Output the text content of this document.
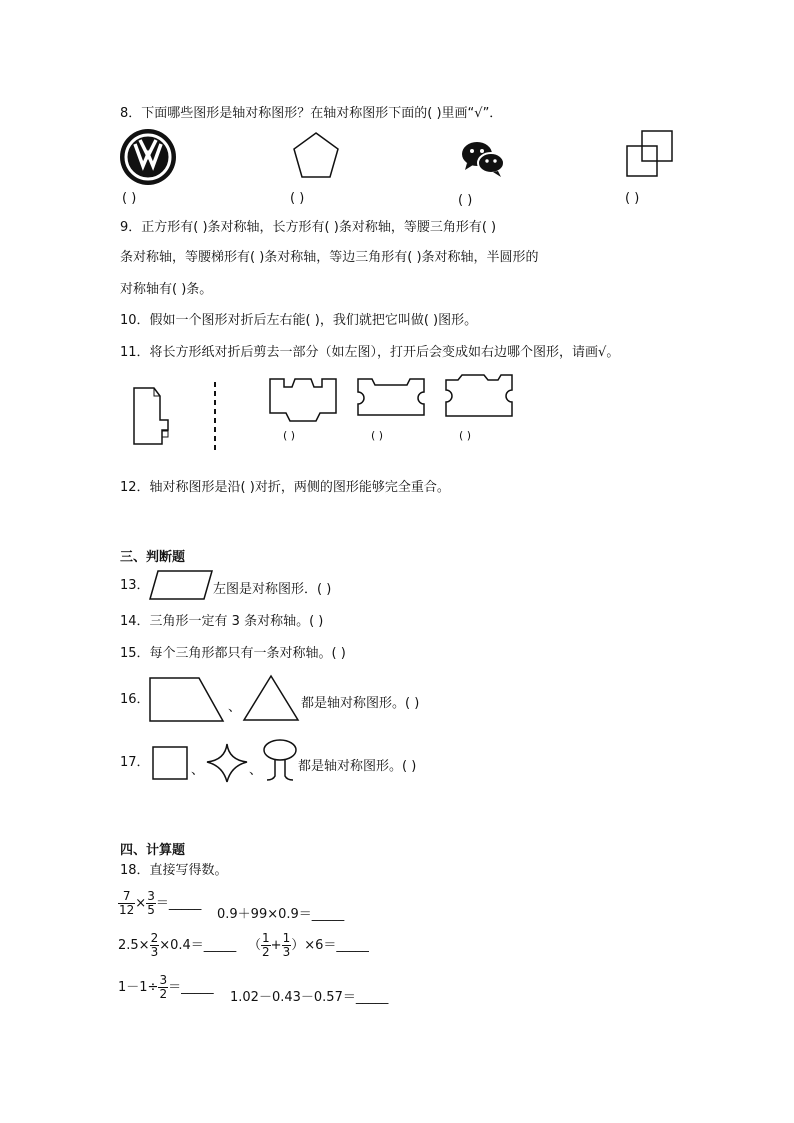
8．下面哪些图形是轴对称图形？在轴对称图形下面的( )里画“√”．
( )	( )	( )	( )
9．正方形有( )条对称轴，长方形有( )条对称轴，等腰三角形有( )
条对称轴，等腰梯形有( )条对称轴，等边三角形有( )条对称轴，半圆形的
对称轴有( )条。
10．假如一个图形对折后左右能( )，我们就把它叫做( )图形。
11．将长方形纸对折后剪去一部分（如左图），打开后会变成如右边哪个图形，请画√。
( )	( )	( )
12．轴对称图形是沿( )对折，两侧的图形能够完全重合。
三、判断题
13．	左图是对称图形．( )
14．三角形一定有 3 条对称轴。( )
15．每个三角形都只有一条对称轴。( )
16．
、	都是轴对称图形。( )
17．
、	、	都是轴对称图形。( )
四、计算题
18．直接写得数。
$\frac{7}{12} \times \frac{3}{5}$ ＝_____
0.9＋99×0.9＝_____
$2.5\times \frac{2}{3}$ ×0.4＝_____ （ $\frac{1}{2} + \frac{1}{3}$ ）×6＝_____
$1-1\div \frac{3}{2}$ ＝_____
1.02－0.43－0.57＝_____
